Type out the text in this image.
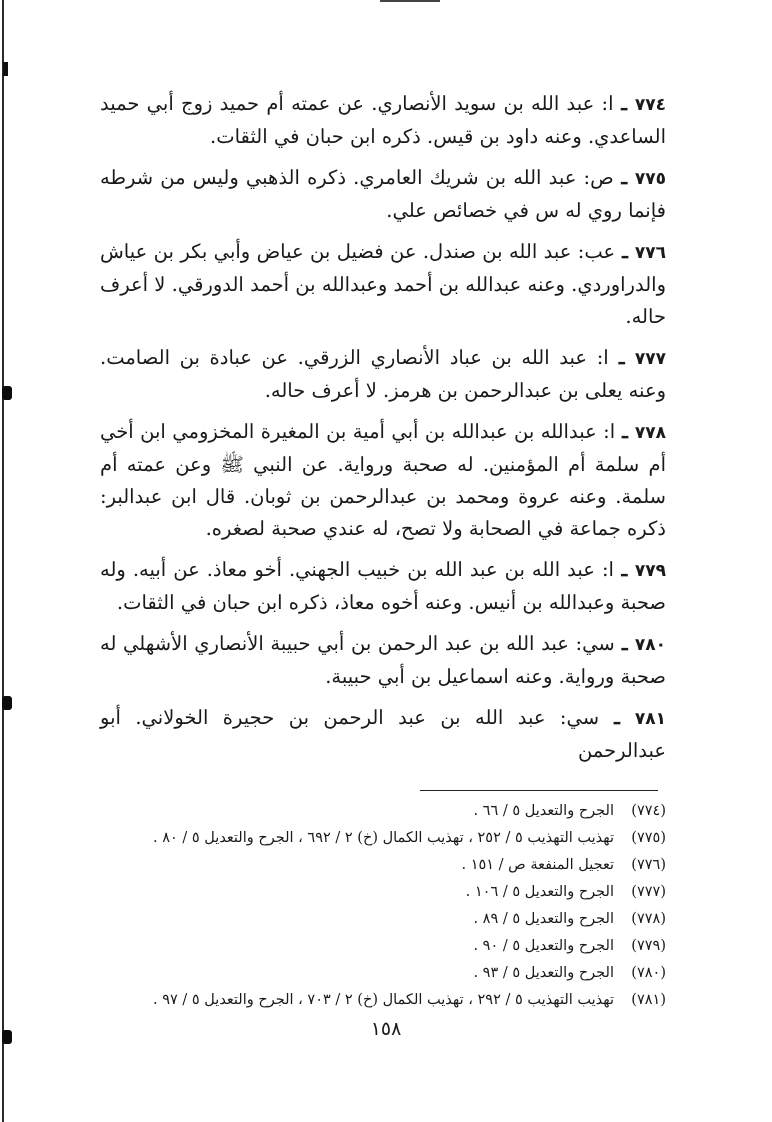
٧٧٤ ـ ا: عبد الله بن سويد الأنصاري. عن عمته أم حميد زوج أبي حميد الساعدي. وعنه داود بن قيس. ذكره ابن حبان في الثقات.

٧٧٥ ـ ص: عبد الله بن شريك العامري. ذكره الذهبي وليس من شرطه فإنما روي له س في خصائص علي.

٧٧٦ ـ عب: عبد الله بن صندل. عن فضيل بن عياض وأبي بكر بن عياش والدراوردي. وعنه عبدالله بن أحمد وعبدالله بن أحمد الدورقي. لا أعرف حاله.

٧٧٧ ـ ا: عبد الله بن عباد الأنصاري الزرقي. عن عبادة بن الصامت. وعنه يعلى بن عبدالرحمن بن هرمز. لا أعرف حاله.

٧٧٨ ـ ا: عبدالله بن عبدالله بن أبي أمية بن المغيرة المخزومي ابن أخي أم سلمة أم المؤمنين. له صحبة ورواية. عن النبي ﷺ وعن عمته أم سلمة. وعنه عروة ومحمد بن عبدالرحمن بن ثوبان. قال ابن عبدالبر: ذكره جماعة في الصحابة ولا تصح، له عندي صحبة لصغره.

٧٧٩ ـ ا: عبد الله بن عبد الله بن خبيب الجهني. أخو معاذ. عن أبيه. وله صحبة وعبدالله بن أنيس. وعنه أخوه معاذ، ذكره ابن حبان في الثقات.

٧٨٠ ـ سي: عبد الله بن عبد الرحمن بن أبي حبيبة الأنصاري الأشهلي له صحبة ورواية. وعنه اسماعيل بن أبي حبيبة.

٧٨١ ـ سي: عبد الله بن عبد الرحمن بن حجيرة الخولاني. أبو عبدالرحمن

(٧٧٤)الجرح والتعديل ٥ / ٦٦ .
(٧٧٥)تهذيب التهذيب ٥ / ٢٥٢ ، تهذيب الكمال (خ) ٢ / ٦٩٢ ، الجرح والتعديل ٥ / ٨٠ .
(٧٧٦)تعجيل المنفعة ص / ١٥١ .
(٧٧٧)الجرح والتعديل ٥ / ١٠٦ .
(٧٧٨)الجرح والتعديل ٥ / ٨٩ .
(٧٧٩)الجرح والتعديل ٥ / ٩٠ .
(٧٨٠)الجرح والتعديل ٥ / ٩٣ .
(٧٨١)تهذيب التهذيب ٥ / ٢٩٢ ، تهذيب الكمال (خ) ٢ / ٧٠٣ ، الجرح والتعديل ٥ / ٩٧ .
١٥٨
